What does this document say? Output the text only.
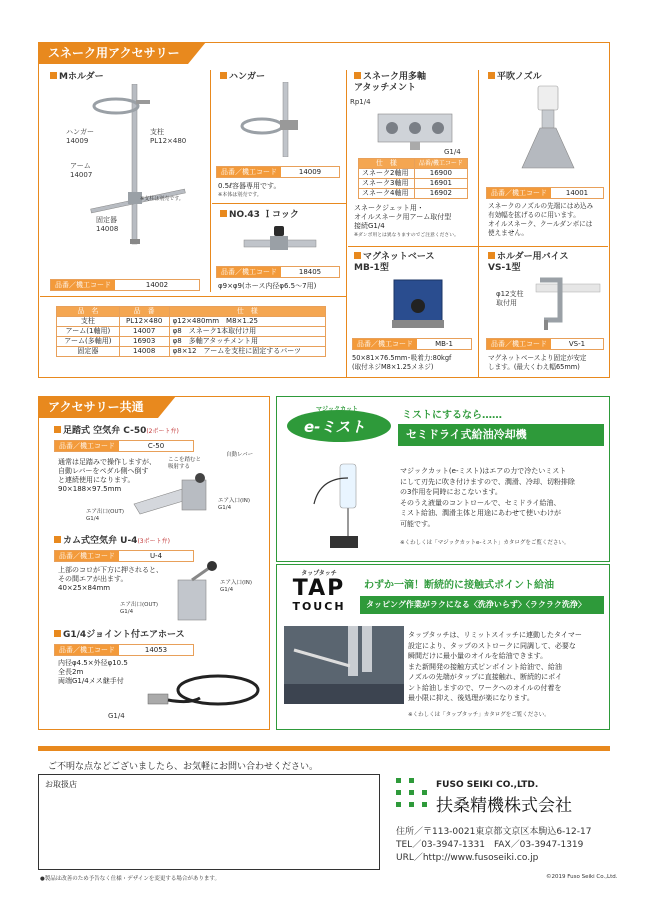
スネーク用アクセサリー
Mホルダー
ハンガー
14009
支柱
PL12×480
アーム
14007
※支柱は別売です。
固定器
14008
品番／機工コード	14002
ハンガー
品番／機工コード	14009
0.5ℓ容器専用です。
※本体は別売です。
NO.43 Ｉコック
品番／機工コード	18405
φ9×φ9(ホース内径φ6.5〜7用)
品　名	品　番	仕　様
支柱	PL12×480	φ12×480mm　M8×1.25
アーム(1軸用)	14007	φ8　スネーク1本取付け用
アーム(多軸用)	16903	φ8　多軸アタッチメント用
固定器	14008	φ8×12　アームを支柱に固定するパーツ
スネーク用多軸
アタッチメント
Rp1/4
G1/4
仕　様	品番/機工コード
スネーク2軸用	16900
スネーク3軸用	16901
スネーク4軸用	16902
スネークジェット用・
オイルスネーク用アーム取付型
接続G1/4
※ダンボ用とは異なりますのでご注意ください。
平吹ノズル
品番／機工コード	14001
スネークのノズルの先端にはめ込み
有効幅を拡げるのに用います。
オイルスネーク、クールダンボには
使えません。
マグネットベース
MB-1型
品番／機工コード	MB-1
50×81×76.5mm･吸着力:80kgf
(取付ネジM8×1.25メネジ)
ホルダー用バイス
VS-1型
φ12支柱
取付用
品番／機工コード	VS-1
マグネットベースより固定が安定
します。(最大くわえ幅65mm)
アクセサリー共通
足踏式 空気弁 C-50(2ポート弁)
品番／機工コード	C-50
通常は足踏みで操作しますが、
自動レバーをペダル側へ倒す
と連続使用になります。
90×188×97.5mm
ここを踏むと
吸射する
自動レバー
エア入口(IN)
G1/4
エア出口(OUT)
G1/4
カム式空気弁 U-4(3ポート弁)
品番／機工コード	U-4
上部のコロが下方に押されると、
その間エアが出ます。
40×25×84mm
エア入口(IN)
G1/4
エア出口(OUT)
G1/4
G1/4ジョイント付エアホース
品番／機工コード	14053
内径φ4.5×外径φ10.5
全長2m
両端G1/4メス継手付
G1/4
マジックカット
e-ミスト
ミストにするなら……
セミドライ式給油冷却機
マジックカット(e-ミスト)はエアの力で冷たいミスト
にして刃先に吹き付けますので、潤滑、冷却、切粉排除
の3作用を同時におこないます。
そのうえ液量のコントロールで、セミドライ給油、
ミスト給油、潤滑主体と用途にあわせて使いわけが
可能です。
※くわしくは「マジックカットe-ミスト」カタログをご覧ください。
タップタッチ
TAP
TOUCH
わずか一滴！断続的に接触式ポイント給油
タッピング作業がラクになる〈洗浄いらず〉〈ラクラク洗浄〉
タップタッチは、リミットスイッチに連動したタイマー
設定により、タップのストロークに同調して、必要な
瞬間だけに最小量のオイルを給油できます。
また新開発の接触方式ピンポイント給油で、給油
ノズルの先端がタップに直接触れ、断続的にポイ
ント給油しますので、ワークへのオイルの付着を
最小限に抑え、後処理が楽になります。
※くわしくは「タップタッチ」カタログをご覧ください。
ご不明な点などございましたら、お気軽にお問い合わせください。
お取扱店	FUSO SEIKI CO.,LTD.
扶桑精機株式会社
住所／〒113-0021東京都文京区本駒込6-12-17
TEL／03-3947-1331　FAX／03-3947-1319
URL／http://www.fusoseiki.co.jp
●製品は改善のため予告なく仕様・デザインを変更する場合があります。	©2019 Fuso Seiki Co.,Ltd.
